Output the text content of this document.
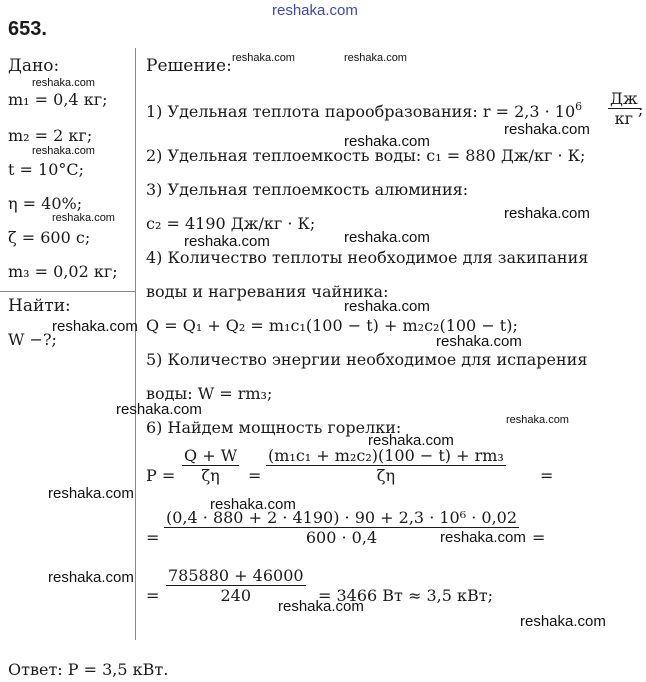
reshaka.com
653.
Дано:
m₁ = 0,4 кг;
m₂ = 2 кг;
t = 10°C;
η = 40%;
ζ = 600 с;
m₃ = 0,02 кг;
Найти:
W −?;
Решение:
1) Удельная теплота парообразования: $r = 2,3 \cdot 10^6$ Дж
кг ;
2) Удельная теплоемкость воды: c₁ = 880 Дж/кг · К;
3) Удельная теплоемкость алюминия:
c₂ = 4190 Дж/кг · К;
4) Количество теплоты необходимое для закипания
воды и нагревания чайника:
Q = Q₁ + Q₂ = m₁c₁(100 − t) + m₂c₂(100 − t);
5) Количество энергии необходимое для испарения
воды: W = rm₃;
6) Найдем мощность горелки:
P =
Q + W
ζη	=
(m₁c₁ + m₂c₂)(100 − t) + rm₃
ζη	=
=
(0,4 · 880 + 2 · 4190) · 90 + 2,3 · 10⁶ · 0,02
600 · 0,4	=
=
785880 + 46000
240	= 3466 Вт ≈ 3,5 кВт;
Ответ: P = 3,5 кВт.
reshaka.com	reshaka.com
reshaka.com
reshaka.com
reshaka.com
reshaka.com
reshaka.com	reshaka.com
reshaka.com	reshaka.com
reshaka.com
reshaka.com
reshaka.com
reshaka.com
reshaka.com
reshaka.com
reshaka.com
reshaka.com
reshaka.com
reshaka.com
reshaka.com
reshaka.com
